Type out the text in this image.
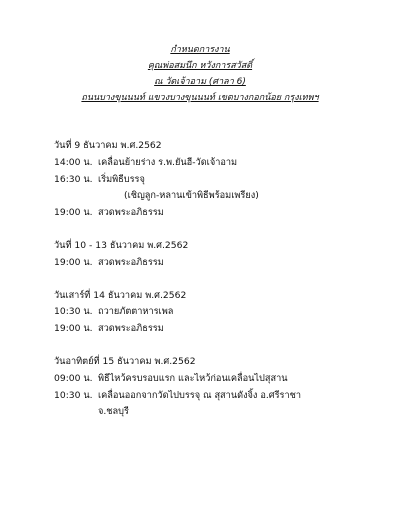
กำหนดการงาน
คุณพ่อสมนึก หวังการสวัสดิ์
ณ วัดเจ้าอาม (ศาลา 6)
ถนนบางขุนนนท์ แขวงบางขุนนนท์ เขตบางกอกน้อย กรุงเทพฯ
วันที่ 9 ธันวาคม พ.ศ.2562
14:00 น. เคลื่อนย้ายร่าง ร.พ.ยันฮี-วัดเจ้าอาม
16:30 น. เริ่มพิธีบรรจุ
(เชิญลูก-หลานเข้าพิธีพร้อมเพรียง)
19:00 น. สวดพระอภิธรรม
วันที่ 10 - 13 ธันวาคม พ.ศ.2562
19:00 น. สวดพระอภิธรรม
วันเสาร์ที่ 14 ธันวาคม พ.ศ.2562
10:30 น. ถวายภัตตาหารเพล
19:00 น. สวดพระอภิธรรม
วันอาทิตย์ที่ 15 ธันวาคม พ.ศ.2562
09:00 น. พิธีไหว้ครบรอบแรก และไหว้ก่อนเคลื่อนไปสุสาน
10:30 น. เคลื่อนออกจากวัดไปบรรจุ ณ สุสานดังจิ้ง อ.ศรีราชา
จ.ชลบุรี
